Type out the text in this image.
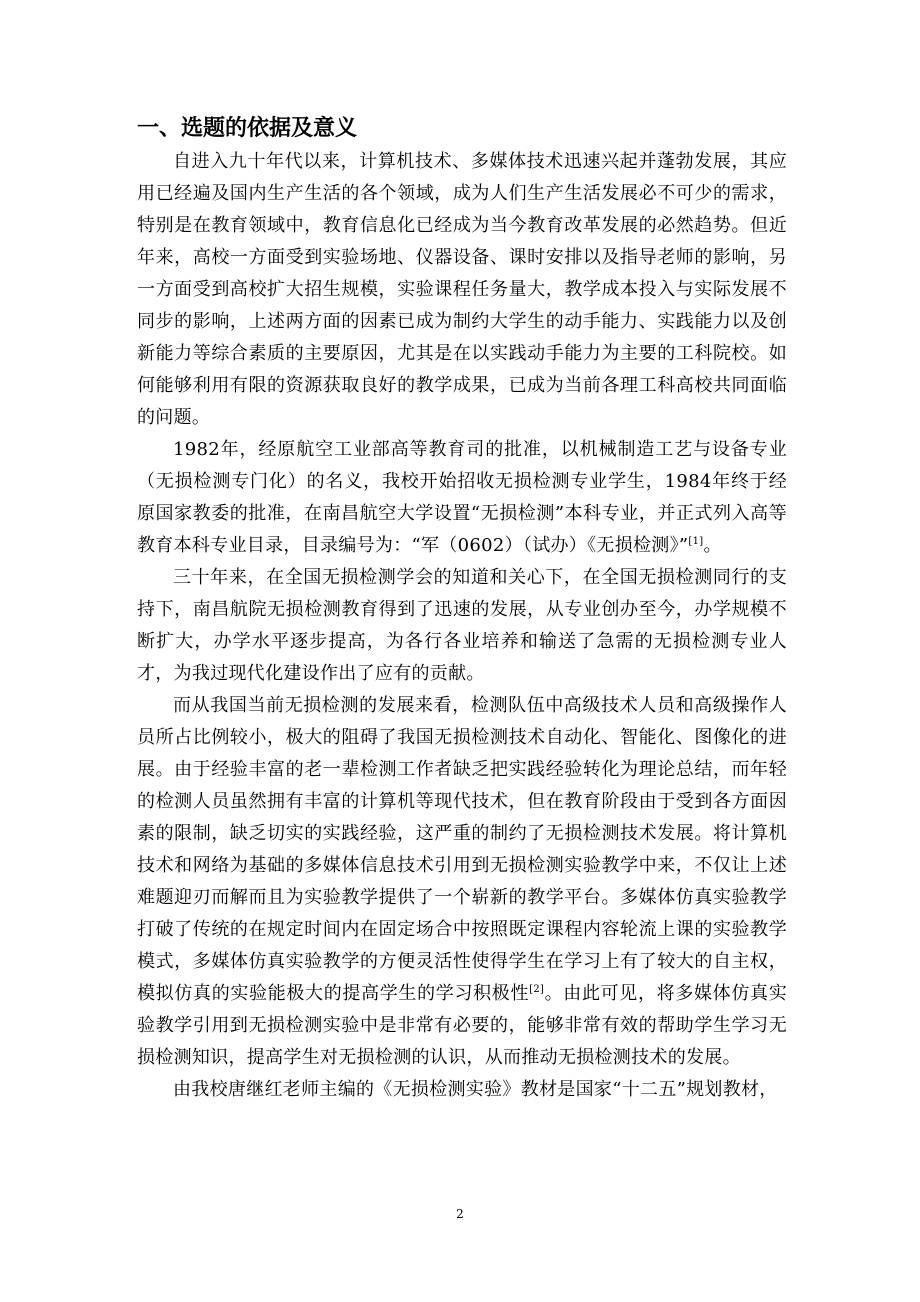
一、选题的依据及意义

自进入九十年代以来，计算机技术、多媒体技术迅速兴起并蓬勃发展，其应用已经遍及国内生产生活的各个领域，成为人们生产生活发展必不可少的需求，特别是在教育领域中，教育信息化已经成为当今教育改革发展的必然趋势。但近年来，高校一方面受到实验场地、仪器设备、课时安排以及指导老师的影响，另一方面受到高校扩大招生规模，实验课程任务量大，教学成本投入与实际发展不同步的影响，上述两方面的因素已成为制约大学生的动手能力、实践能力以及创新能力等综合素质的主要原因，尤其是在以实践动手能力为主要的工科院校。如何能够利用有限的资源获取良好的教学成果，已成为当前各理工科高校共同面临的问题。

1982年，经原航空工业部高等教育司的批准，以机械制造工艺与设备专业（无损检测专门化）的名义，我校开始招收无损检测专业学生，1984年终于经原国家教委的批准，在南昌航空大学设置“无损检测”本科专业，并正式列入高等教育本科专业目录，目录编号为：“军（0602）（试办）《无损检测》”[1]。

三十年来，在全国无损检测学会的知道和关心下，在全国无损检测同行的支持下，南昌航院无损检测教育得到了迅速的发展，从专业创办至今，办学规模不断扩大，办学水平逐步提高，为各行各业培养和输送了急需的无损检测专业人才，为我过现代化建设作出了应有的贡献。

而从我国当前无损检测的发展来看，检测队伍中高级技术人员和高级操作人员所占比例较小，极大的阻碍了我国无损检测技术自动化、智能化、图像化的进展。由于经验丰富的老一辈检测工作者缺乏把实践经验转化为理论总结，而年轻的检测人员虽然拥有丰富的计算机等现代技术，但在教育阶段由于受到各方面因素的限制，缺乏切实的实践经验，这严重的制约了无损检测技术发展。将计算机技术和网络为基础的多媒体信息技术引用到无损检测实验教学中来，不仅让上述难题迎刃而解而且为实验教学提供了一个崭新的教学平台。多媒体仿真实验教学打破了传统的在规定时间内在固定场合中按照既定课程内容轮流上课的实验教学模式，多媒体仿真实验教学的方便灵活性使得学生在学习上有了较大的自主权，模拟仿真的实验能极大的提高学生的学习积极性[2]。由此可见，将多媒体仿真实验教学引用到无损检测实验中是非常有必要的，能够非常有效的帮助学生学习无损检测知识，提高学生对无损检测的认识，从而推动无损检测技术的发展。

由我校唐继红老师主编的《无损检测实验》教材是国家“十二五”规划教材，

2
